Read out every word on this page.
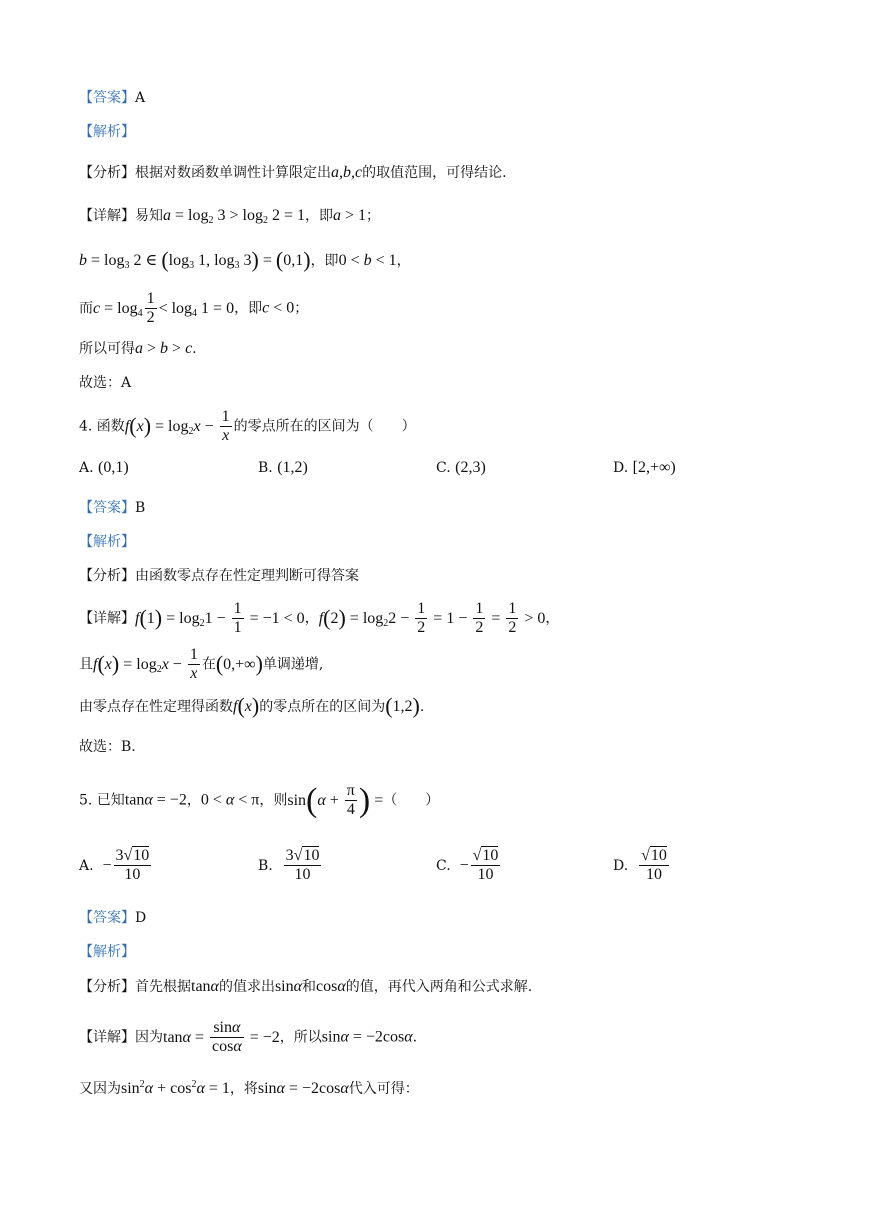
【答案】A
【解析】
【分析】根据对数函数单调性计算限定出a,b,c的取值范围，可得结论.
【详解】易知$a = \log_2 3 > \log_2 2 = 1$，即a > 1；
$b = \log_3 2$ ∈ ($\log_3$ 1, $\log_3 3) = (0,1)$，即0 < b < 1，
而$c = \log_4 \frac{1}{2} < \log_4 1 = 0$，即c < 0；
所以可得a > b > c.
故选：A
4. 函数$f(x) = \log_2x - \frac{1}{x}$ 的零点所在的区间为（　　）
A. (0,1)	B. (1,2)	C. (2,3)	D. [2,+∞)
【答案】B
【解析】
【分析】由函数零点存在性定理判断可得答案
【详解】$f(1) = \log_21 - \frac{1}{1} = -1 < 0$，$f(2) = \log_22 - \frac{1}{2} = 1 - \frac{1}{2} = \frac{1}{2} > 0$，
且$f(x) = \log_2x - \frac{1}{x}$ 在(0,+∞)单调递增,
由零点存在性定理得函数f(x)的零点所在的区间为(1,2).
故选：B.
5. 已知tanα = −2，0 < α < π，则$\sin(\alpha + \frac{\pi}{4}$ ) =（　　）
A. − $\frac{3√10}{10}$	B. $\frac{3√10}{10}$	C. − $\frac{√10}{10}$	D. $\frac{√10}{10}$
【答案】D
【解析】
【分析】首先根据tanα的值求出sinα和cosα的值，再代入两角和公式求解.
【详解】因为$\tan\alpha = \frac{\sin\alpha}{\cos\alpha} = -2$，所以sinα = −2cosα.
又因为$\sin^2\alpha + \cos^2\alpha = 1$，将sinα = −2cosα代入可得：
